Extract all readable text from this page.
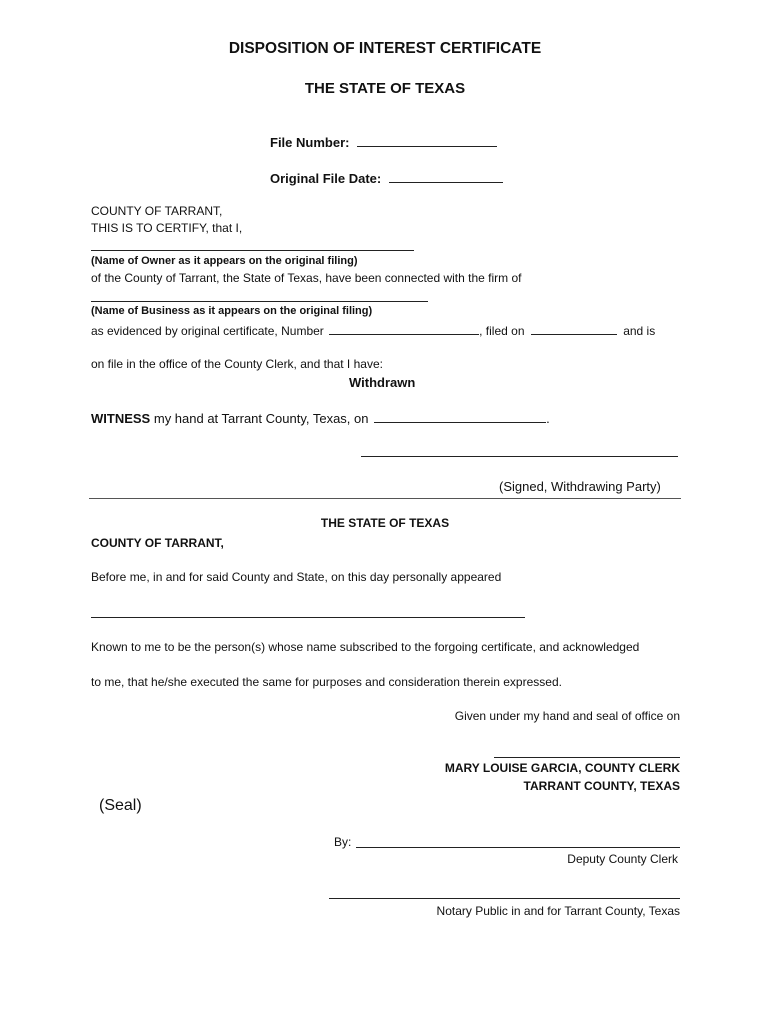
DISPOSITION OF INTEREST CERTIFICATE
THE STATE OF TEXAS
File Number:
Original File Date:
COUNTY OF TARRANT,
THIS IS TO CERTIFY, that I,
(Name of Owner as it appears on the original filing)
of the County of Tarrant, the State of Texas, have been connected with the firm of
(Name of Business as it appears on the original filing)
as evidenced by original certificate, Number	, filed on	and is
on file in the office of the County Clerk, and that I have:
Withdrawn
WITNESS my hand at Tarrant County, Texas, on	.
(Signed, Withdrawing Party)
THE STATE OF TEXAS
COUNTY OF TARRANT,
Before me, in and for said County and State, on this day personally appeared
Known to me to be the person(s) whose name subscribed to the forgoing certificate, and acknowledged
to me, that he/she executed the same for purposes and consideration therein expressed.
Given under my hand and seal of office on
MARY LOUISE GARCIA, COUNTY CLERK
TARRANT COUNTY, TEXAS
(Seal)
By:
Deputy County Clerk
Notary Public in and for Tarrant County, Texas
